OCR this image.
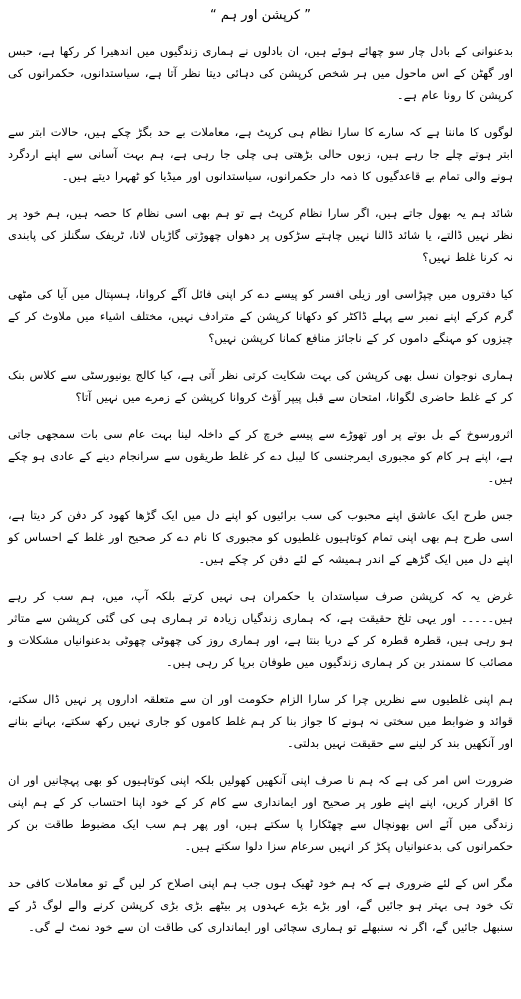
” کرپشن اور ہم “

بدعنوانی کے بادل چار سو چھائے ہوئے ہیں، ان بادلوں نے ہماری زندگیوں میں اندھیرا کر رکھا ہے، حبس اور گھٹن کے اس ماحول میں ہر شخص کرپشن کی دہائی دیتا نظر آتا ہے، سیاستدانوں، حکمرانوں کی کرپشن کا رونا عام ہے۔

لوگوں کا ماننا ہے کہ سارے کا سارا نظام ہی کرپٹ ہے، معاملات بے حد بگڑ چکے ہیں، حالات ابتر سے ابتر ہوتے چلے جا رہے ہیں، زبوں حالی بڑھتی ہی چلی جا رہی ہے، ہم بہت آسانی سے اپنے اردگرد ہونے والی تمام بے قاعدگیوں کا ذمہ دار حکمرانوں، سیاستدانوں اور میڈیا کو ٹھہرا دیتے ہیں۔

شائد ہم یہ بھول جاتے ہیں، اگر سارا نظام کرپٹ ہے تو ہم بھی اسی نظام کا حصہ ہیں، ہم خود پر نظر نہیں ڈالتے، یا شائد ڈالنا نہیں چاہتے سڑکوں پر دھواں چھوڑتی گاڑیاں لانا، ٹریفک سگنلز کی پابندی نہ کرنا غلط نہیں؟

کیا دفتروں میں چپڑاسی اور زیلی افسر کو پیسے دے کر اپنی فائل آگے کروانا، ہسپتال میں آیا کی مٹھی گرم کرکے اپنے نمبر سے پہلے ڈاکٹر کو دکھانا کرپشن کے مترادف نہیں، مختلف اشیاء میں ملاوٹ کر کے چیزوں کو مہنگے داموں کر کے ناجائز منافع کمانا کرپشن نہیں؟

ہماری نوجوان نسل بھی کرپشن کی بہت شکایت کرتی نظر آتی ہے، کیا کالج یونیورسٹی سے کلاس بنک کر کے غلط حاضری لگوانا، امتحان سے قبل پیپر آؤٹ کروانا کرپشن کے زمرے میں نہیں آتا؟

اثرورسوخ کے بل بوتے پر اور تھوڑے سے پیسے خرچ کر کے داخلہ لینا بہت عام سی بات سمجھی جاتی ہے، اپنے ہر کام کو مجبوری ایمرجنسی کا لیبل دے کر غلط طریقوں سے سرانجام دینے کے عادی ہو چکے ہیں۔

جس طرح ایک عاشق اپنے محبوب کی سب برائیوں کو اپنے دل میں ایک گڑھا کھود کر دفن کر دیتا ہے، اسی طرح ہم بھی اپنی تمام کوتاہیوں غلطیوں کو مجبوری کا نام دے کر صحیح اور غلط کے احساس کو اپنے دل میں ایک گڑھے کے اندر ہمیشہ کے لئے دفن کر چکے ہیں۔

غرض یہ کہ کرپشن صرف سیاستدان یا حکمران ہی نہیں کرتے بلکہ آپ، میں، ہم سب کر رہے ہیں۔۔۔۔۔ اور یہی تلخ حقیقت ہے، کہ ہماری زندگیاں زیادہ تر ہماری ہی کی گئی کرپشن سے متاثر ہو رہی ہیں، قطرہ قطرہ کر کے دریا بنتا ہے، اور ہماری روز کی چھوٹی چھوٹی بدعنوانیاں مشکلات و مصائب کا سمندر بن کر ہماری زندگیوں میں طوفان برپا کر رہی ہیں۔

ہم اپنی غلطیوں سے نظریں چرا کر سارا الزام حکومت اور ان سے متعلقہ اداروں پر نہیں ڈال سکتے، قوائد و ضوابط میں سختی نہ ہونے کا جواز بنا کر ہم غلط کاموں کو جاری نہیں رکھ سکتے، بہانے بنانے اور آنکھیں بند کر لینے سے حقیقت نہیں بدلتی۔

ضرورت اس امر کی ہے کہ ہم نا صرف اپنی آنکھیں کھولیں بلکہ اپنی کوتاہیوں کو بھی پہچانیں اور ان کا اقرار کریں، اپنے اپنے طور پر صحیح اور ایمانداری سے کام کر کے خود اپنا احتساب کر کے ہم اپنی زندگی میں آئے اس بھونچال سے چھٹکارا پا سکتے ہیں، اور پھر ہم سب ایک مضبوط طاقت بن کر حکمرانوں کی بدعنوانیاں پکڑ کر انہیں سرعام سزا دلوا سکتے ہیں۔

مگر اس کے لئے ضروری ہے کہ ہم خود ٹھیک ہوں جب ہم اپنی اصلاح کر لیں گے تو معاملات کافی حد تک خود ہی بہتر ہو جائیں گے، اور بڑے بڑے عہدوں پر بیٹھے بڑی بڑی کرپشن کرنے والے لوگ ڈر کے سنبھل جائیں گے، اگر نہ سنبھلے تو ہماری سچائی اور ایمانداری کی طاقت ان سے خود نمٹ لے گی۔
